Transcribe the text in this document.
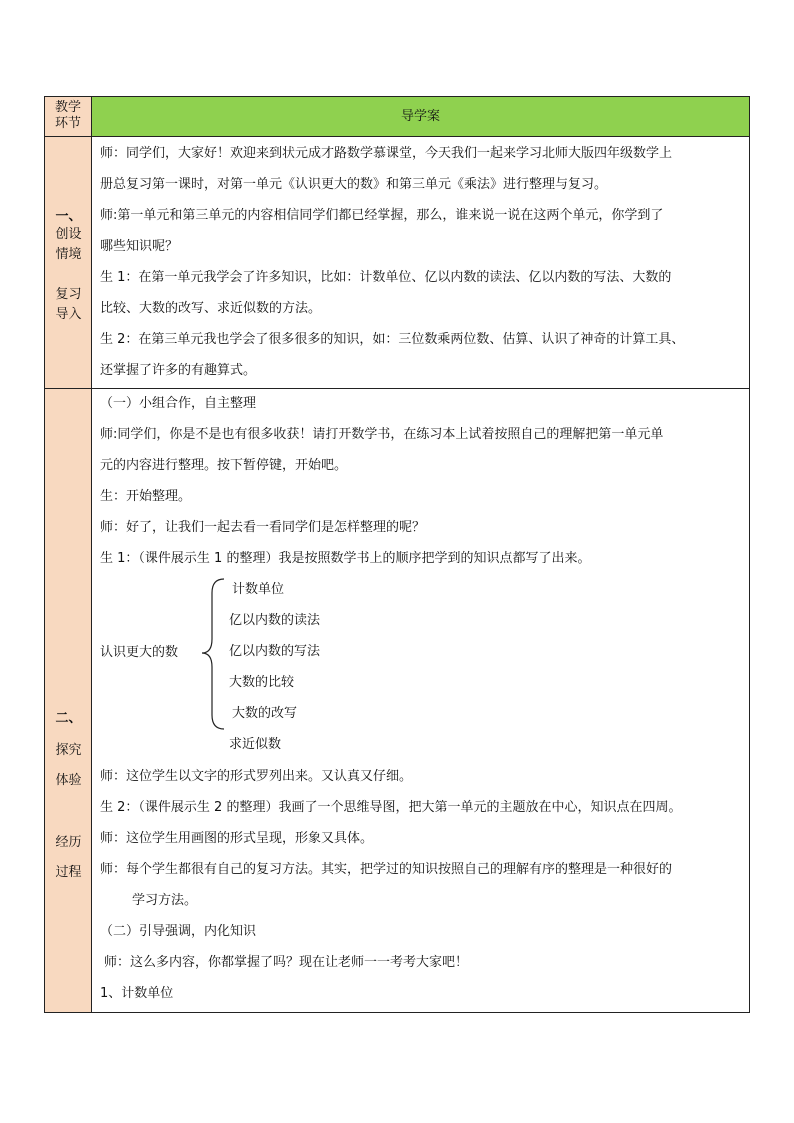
教学
环节	导学案
一、
创设
情境
复习
导入
师：同学们，大家好！欢迎来到状元成才路数学慕课堂，今天我们一起来学习北师大版四年级数学上
册总复习第一课时，对第一单元《认识更大的数》和第三单元《乘法》进行整理与复习。
师:第一单元和第三单元的内容相信同学们都已经掌握，那么，谁来说一说在这两个单元，你学到了
哪些知识呢？
生 1：在第一单元我学会了许多知识，比如：计数单位、亿以内数的读法、亿以内数的写法、大数的
比较、大数的改写、求近似数的方法。
生 2：在第三单元我也学会了很多很多的知识，如：三位数乘两位数、估算、认识了神奇的计算工具、
还掌握了许多的有趣算式。
二、
探究
体验
经历
过程
（一）小组合作，自主整理
师:同学们，你是不是也有很多收获！请打开数学书，在练习本上试着按照自己的理解把第一单元单
元的内容进行整理。按下暂停键，开始吧。
生：开始整理。
师：好了，让我们一起去看一看同学们是怎样整理的呢？
生 1：（课件展示生 1 的整理）我是按照数学书上的顺序把学到的知识点都写了出来。
认识更大的数
计数单位
亿以内数的读法
亿以内数的写法
大数的比较
大数的改写
求近似数
师：这位学生以文字的形式罗列出来。又认真又仔细。
生 2：（课件展示生 2 的整理）我画了一个思维导图，把大第一单元的主题放在中心，知识点在四周。
师：这位学生用画图的形式呈现，形象又具体。
师：每个学生都很有自己的复习方法。其实，把学过的知识按照自己的理解有序的整理是一种很好的
学习方法。
（二）引导强调，内化知识
师：这么多内容，你都掌握了吗？现在让老师一一考考大家吧！
1、计数单位
